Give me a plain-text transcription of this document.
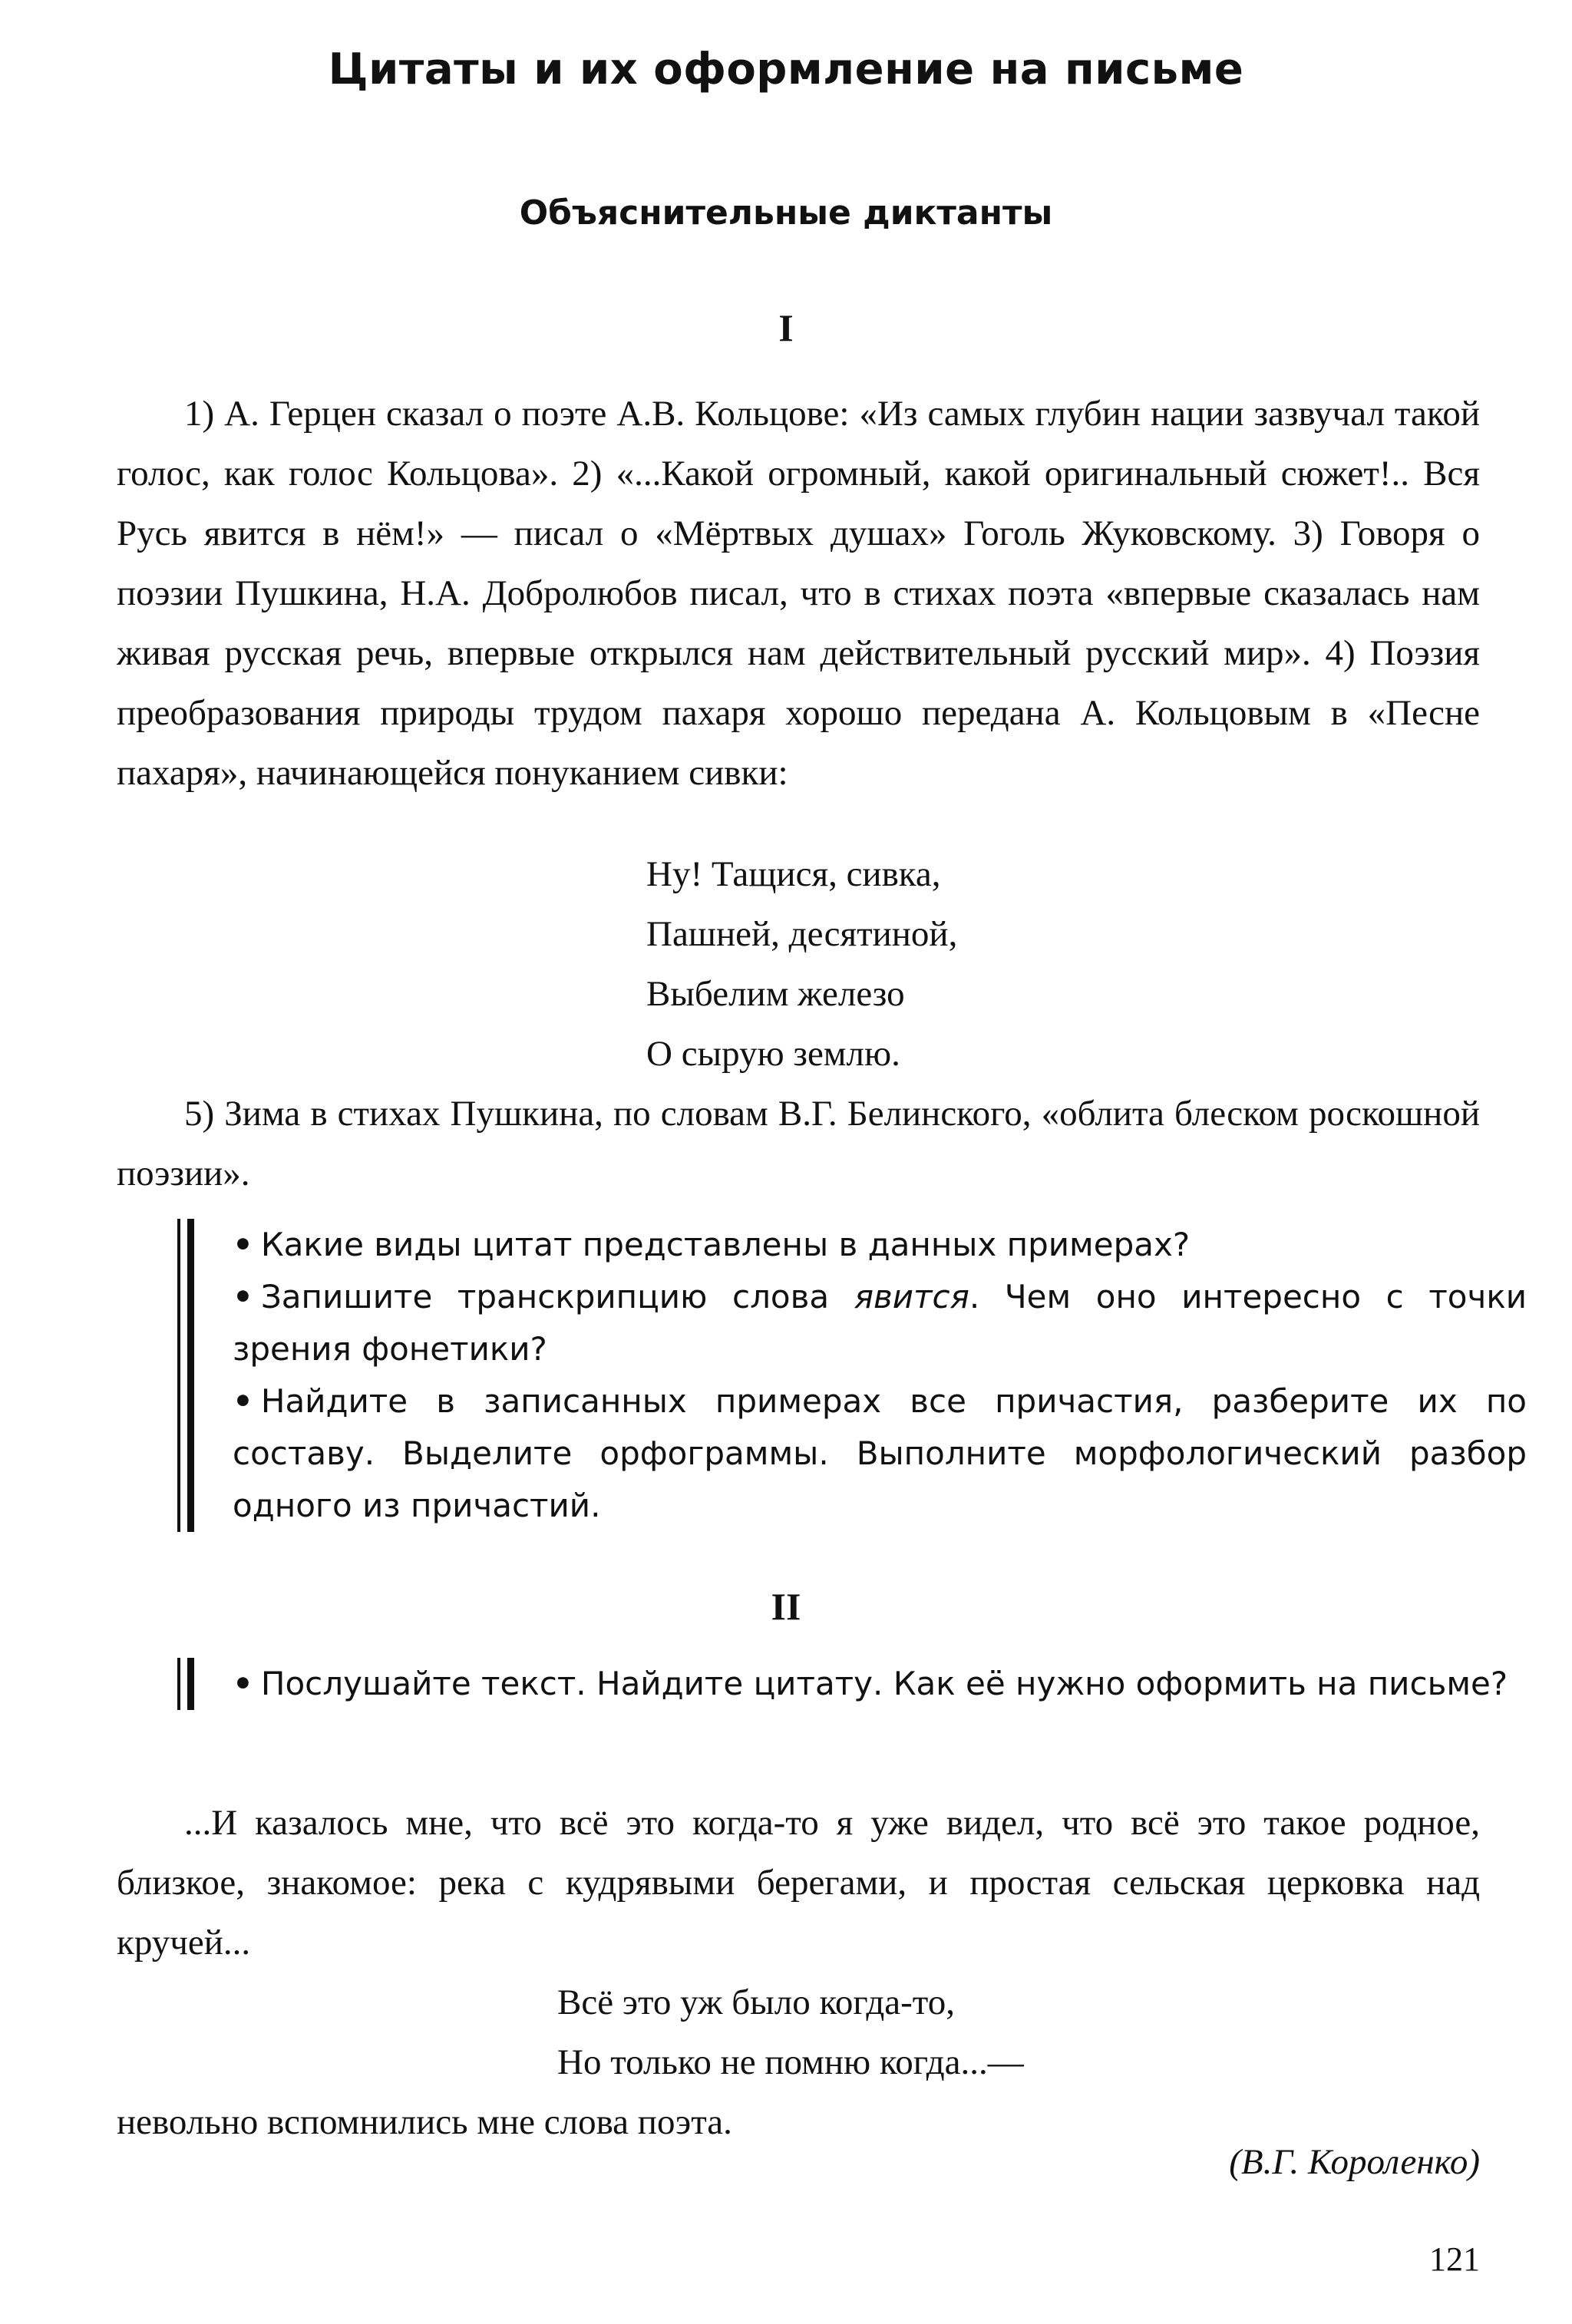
Цитаты и их оформление на письме
Объяснительные диктанты
I

1) А. Герцен сказал о поэте А.В. Кольцове: «Из самых глубин нации зазвучал такой голос, как голос Кольцова». 2) «...Какой огромный, какой оригинальный сюжет!.. Вся Русь явится в нём!» — писал о «Мёртвых душах» Гоголь Жуковскому. 3) Говоря о поэзии Пушкина, Н.А. Добролюбов писал, что в стихах поэта «впервые сказалась нам живая русская речь, впервые открылся нам действительный русский мир». 4) Поэзия преобразования природы трудом пахаря хорошо передана А. Кольцовым в «Песне пахаря», начинающейся понуканием сивки:

Ну! Тащися, сивка,
Пашней, десятиной,
Выбелим железо
О сырую землю.

5) Зима в стихах Пушкина, по словам В.Г. Белинского, «облита блеском роскошной поэзии».

• Какие виды цитат представлены в данных примерах?
• Запишите транскрипцию слова явится. Чем оно интересно с точки зрения фонетики?
• Найдите в записанных примерах все причастия, разберите их по составу. Выделите орфограммы. Выполните морфологический разбор одного из причастий.
II
• Послушайте текст. Найдите цитату. Как её нужно оформить на письме?

...И казалось мне, что всё это когда-то я уже видел, что всё это такое родное, близкое, знакомое: река с кудрявыми берегами, и простая сельская церковка над кручей...

Всё это уж было когда-то,
Но только не помню когда...—

невольно вспомнились мне слова поэта.

(В.Г. Короленко)
121
